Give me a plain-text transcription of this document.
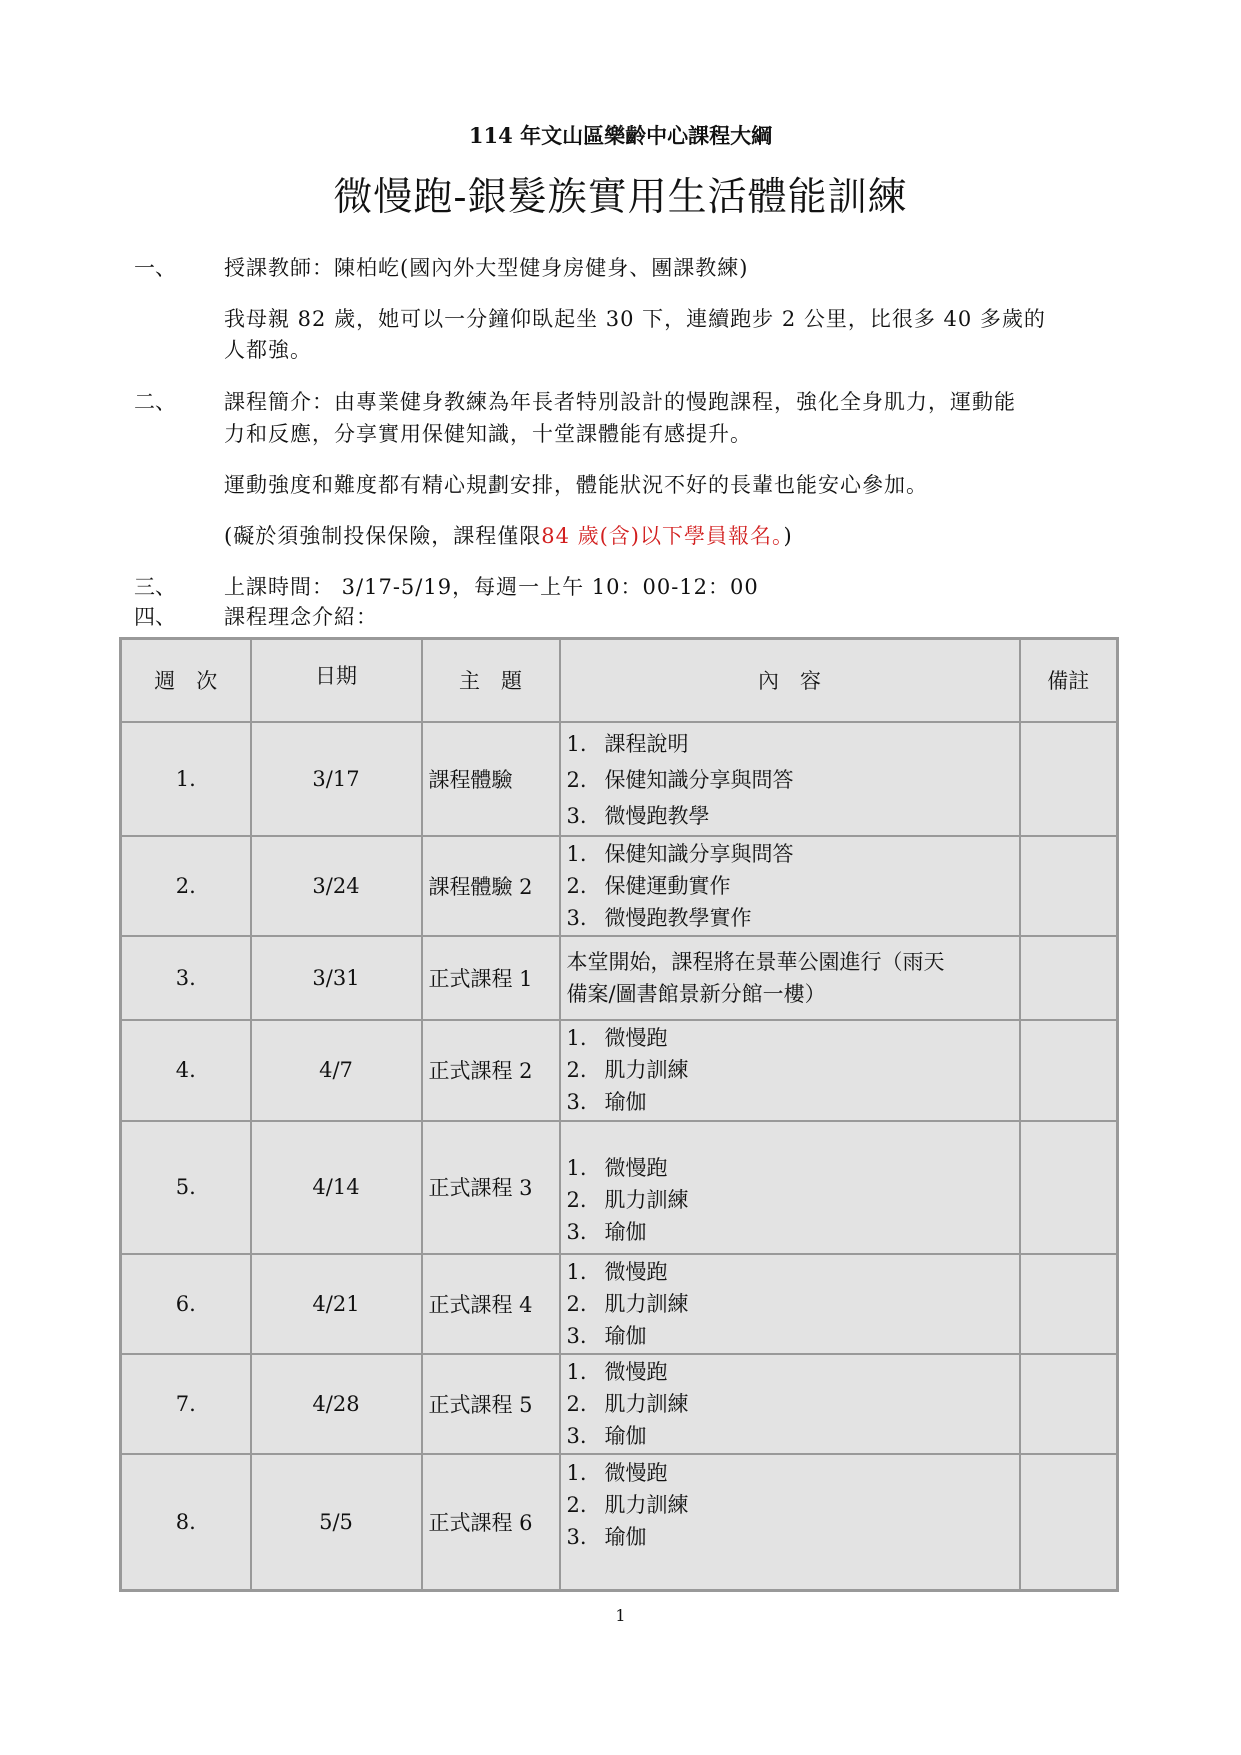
114 年文山區樂齡中心課程大綱
微慢跑-銀髮族實用生活體能訓練
一、	授課教師：陳柏屹(國內外大型健身房健身、團課教練)
我母親 82 歲，她可以一分鐘仰臥起坐 30 下，連續跑步 2 公里，比很多 40 多歲的
人都強。
二、	課程簡介：由專業健身教練為年長者特別設計的慢跑課程，強化全身肌力，運動能
力和反應，分享實用保健知識，十堂課體能有感提升。
運動強度和難度都有精心規劃安排，體能狀況不好的長輩也能安心參加。
(礙於須強制投保保險，課程僅限84 歲(含)以下學員報名。)
三、	上課時間： 3/17-5/19，每週一上午 10：00-12：00
四、	課程理念介紹：
週　次	日期	主　題	內　容	備註
1.	3/17	課程體驗	1. 課程說明
2. 保健知識分享與問答
3. 微慢跑教學	

2.	3/24	課程體驗 2	1. 保健知識分享與問答
2. 保健運動實作
3. 微慢跑教學實作	

3.	3/31	正式課程 1	本堂開始，課程將在景華公園進行（雨天
備案/圖書館景新分館一樓）	

4.	4/7	正式課程 2	1. 微慢跑
2. 肌力訓練
3. 瑜伽	

5.	4/14	正式課程 3	1. 微慢跑
2. 肌力訓練
3. 瑜伽	

6.	4/21	正式課程 4	1. 微慢跑
2. 肌力訓練
3. 瑜伽	

7.	4/28	正式課程 5	1. 微慢跑
2. 肌力訓練
3. 瑜伽	

8.	5/5	正式課程 6	1. 微慢跑
2. 肌力訓練
3. 瑜伽	

1
